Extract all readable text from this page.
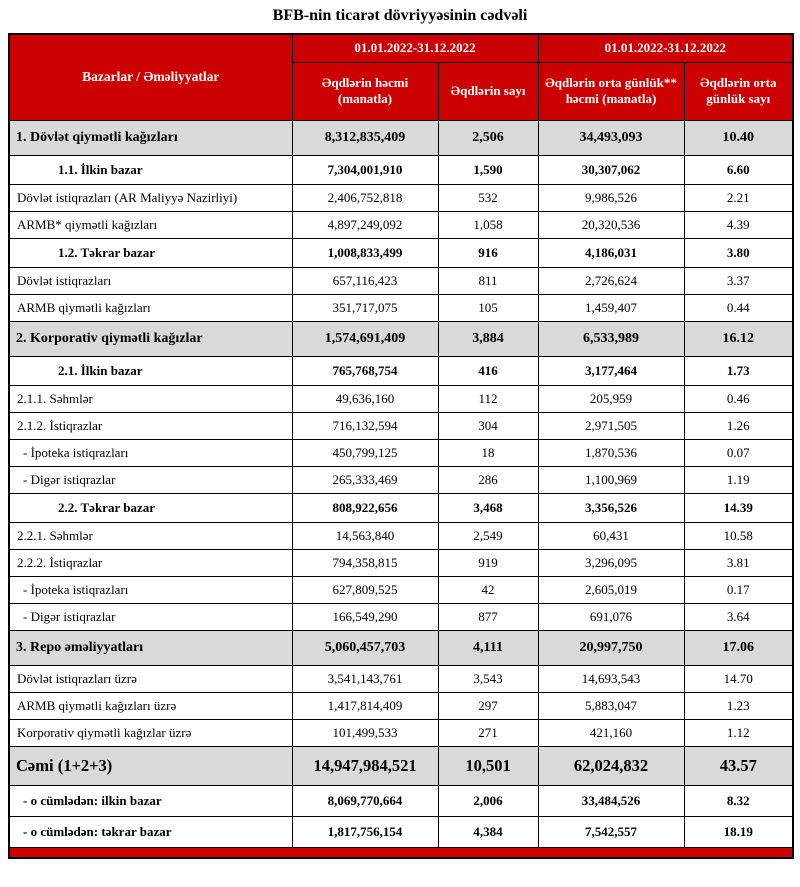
BFB-nin ticarət dövriyyəsinin cədvəli
Bazarlar / Əməliyyatlar	01.01.2022-31.12.2022		01.01.2022-31.12.2022	
	Əqdlərin həcmi (manatla)	Əqdlərin sayı	Əqdlərin orta günlük** həcmi (manatla)	Əqdlərin orta günlük sayı
1. Dövlət qiymətli kağızları	8,312,835,409	2,506	34,493,093	10.40
1.1. İlkin bazar	7,304,001,910	1,590	30,307,062	6.60
Dövlət istiqrazları (AR Maliyyə Nazirliyi)	2,406,752,818	532	9,986,526	2.21
ARMB* qiymətli kağızları	4,897,249,092	1,058	20,320,536	4.39
1.2. Təkrar bazar	1,008,833,499	916	4,186,031	3.80
Dövlət istiqrazları	657,116,423	811	2,726,624	3.37
ARMB qiymətli kağızları	351,717,075	105	1,459,407	0.44
2. Korporativ qiymətli kağızlar	1,574,691,409	3,884	6,533,989	16.12
2.1. İlkin bazar	765,768,754	416	3,177,464	1.73
2.1.1. Səhmlər	49,636,160	112	205,959	0.46
2.1.2. İstiqrazlar	716,132,594	304	2,971,505	1.26
- İpoteka istiqrazları	450,799,125	18	1,870,536	0.07
- Digər istiqrazlar	265,333,469	286	1,100,969	1.19
2.2. Təkrar bazar	808,922,656	3,468	3,356,526	14.39
2.2.1. Səhmlər	14,563,840	2,549	60,431	10.58
2.2.2. İstiqrazlar	794,358,815	919	3,296,095	3.81
- İpoteka istiqrazları	627,809,525	42	2,605,019	0.17
- Digər istiqrazlar	166,549,290	877	691,076	3.64
3. Repo əməliyyatları	5,060,457,703	4,111	20,997,750	17.06
Dövlət istiqrazları üzrə	3,541,143,761	3,543	14,693,543	14.70
ARMB qiymətli kağızları üzrə	1,417,814,409	297	5,883,047	1.23
Korporativ qiymətli kağızlar üzrə	101,499,533	271	421,160	1.12
Cəmi (1+2+3)	14,947,984,521	10,501	62,024,832	43.57
- o cümlədən: ilkin bazar	8,069,770,664	2,006	33,484,526	8.32
- o cümlədən: təkrar bazar	1,817,756,154	4,384	7,542,557	18.19
